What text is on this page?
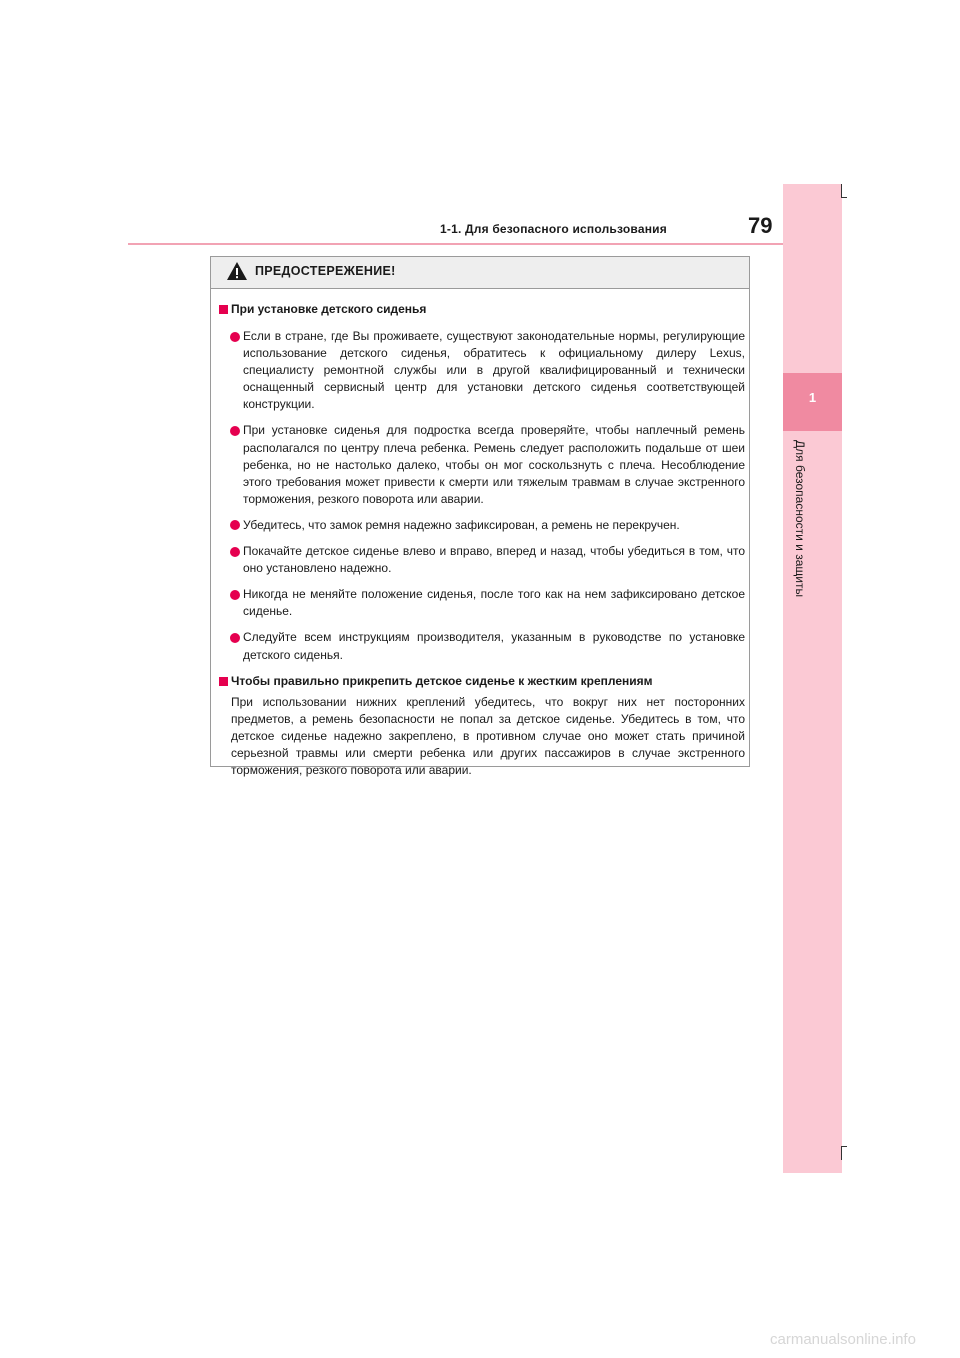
1-1. Для безопасного использования	79
1
Для безопасности и защиты
ПРЕДОСТЕРЕЖЕНИЕ!
При установке детского сиденья
Если в стране, где Вы проживаете, существуют законодательные нормы, регулирующие использование детского сиденья, обратитесь к официальному дилеру Lexus, специалисту ремонтной службы или в другой квалифицированный и технически оснащенный сервисный центр для установки детского сиденья соответствующей конструкции.
При установке сиденья для подростка всегда проверяйте, чтобы наплечный ремень располагался по центру плеча ребенка. Ремень следует расположить подальше от шеи ребенка, но не настолько далеко, чтобы он мог соскользнуть с плеча. Несоблюдение этого требования может привести к смерти или тяжелым травмам в случае экстренного торможения, резкого поворота или аварии.
Убедитесь, что замок ремня надежно зафиксирован, а ремень не перекручен.
Покачайте детское сиденье влево и вправо, вперед и назад, чтобы убедиться в том, что оно установлено надежно.
Никогда не меняйте положение сиденья, после того как на нем зафиксировано детское сиденье.
Следуйте всем инструкциям производителя, указанным в руководстве по установке детского сиденья.
Чтобы правильно прикрепить детское сиденье к жестким креплениям
При использовании нижних креплений убедитесь, что вокруг них нет посторонних предметов, а ремень безопасности не попал за детское сиденье. Убедитесь в том, что детское сиденье надежно закреплено, в противном случае оно может стать причиной серьезной травмы или смерти ребенка или других пассажиров в случае экстренного торможения, резкого поворота или аварии.
carmanualsonline.info
